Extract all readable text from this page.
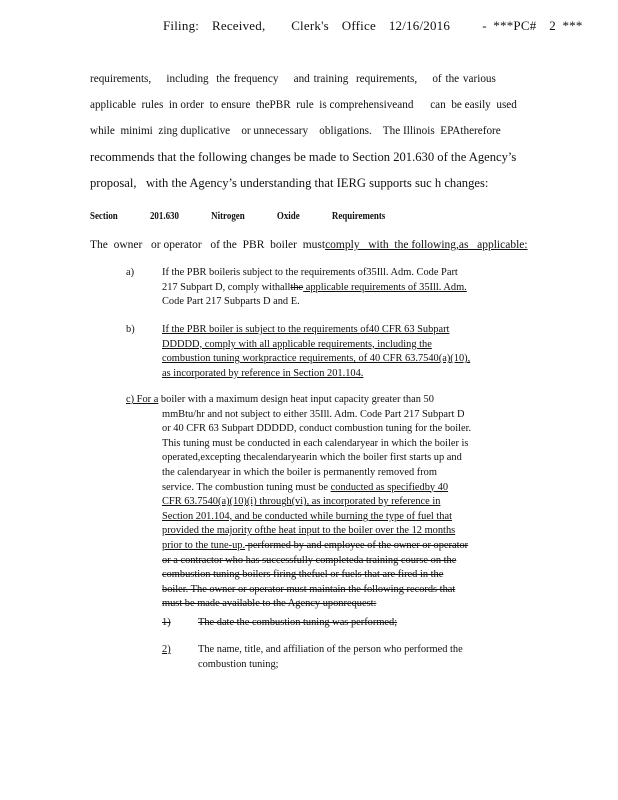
Filing:  Received,    Clerk's  Office  12/16/2016     - ***PC#  2 ***
requirements,    including  the frequency    and training  requirements,    of the various
applicable  rules  in order  to ensure  thePBR  rule  is comprehensiveand      can  be easily  used
while  minimi  zing duplicative    or unnecessary    obligations.    The Illinois  EPAtherefore
recommends that the following changes be made to Section 201.630 of the Agency’s
proposal,   with the Agency’s understanding that IERG supports suc h changes:
Section   201.630   Nitrogen   Oxide   Requirements
The  owner   or operator   of the  PBR  boiler  mustcomply   with  the following,as   applicable:
a)	If the PBR boileris subject to the requirements of35Ill. Adm. Code Part
217 Subpart D, comply withallthe applicable requirements of 35Ill. Adm.
Code Part 217 Subparts D and E.
b)	If the PBR boiler is subject to the requirements of40 CFR 63 Subpart
DDDDD, comply with all applicable requirements, including the
combustion tuning workpractice requirements, of 40 CFR 63.7540(a)(10),
as incorporated by reference in Section 201.104.
c) For a boiler with a maximum design heat input capacity greater than 50
mmBtu/hr and not subject to either 35Ill. Adm. Code Part 217 Subpart D
or 40 CFR 63 Subpart DDDDD, conduct combustion tuning for the boiler.
This tuning must be conducted in each calendaryear in which the boiler is
operated,excepting thecalendaryearin which the boiler first starts up and
the calendaryear in which the boiler is permanently removed from
service. The combustion tuning must be conducted as specifiedby 40
CFR 63.7540(a)(10)(i) through(vi), as incorporated by reference in
Section 201.104, and be conducted while burning the type of fuel that
provided the majority ofthe heat input to the boiler over the 12 months
prior to the tune-up. performed by and employee of the owner or operator
or a contractor who has successfully completeda training course on the
combustion tuning boilers firing thefuel or fuels that are fired in the
boiler. The owner or operator must maintain the following records that
must be made available to the Agency uponrequest:
1)	The date the combustion tuning was performed;
2)	The name, title, and affiliation of the person who performed the
combustion tuning;
